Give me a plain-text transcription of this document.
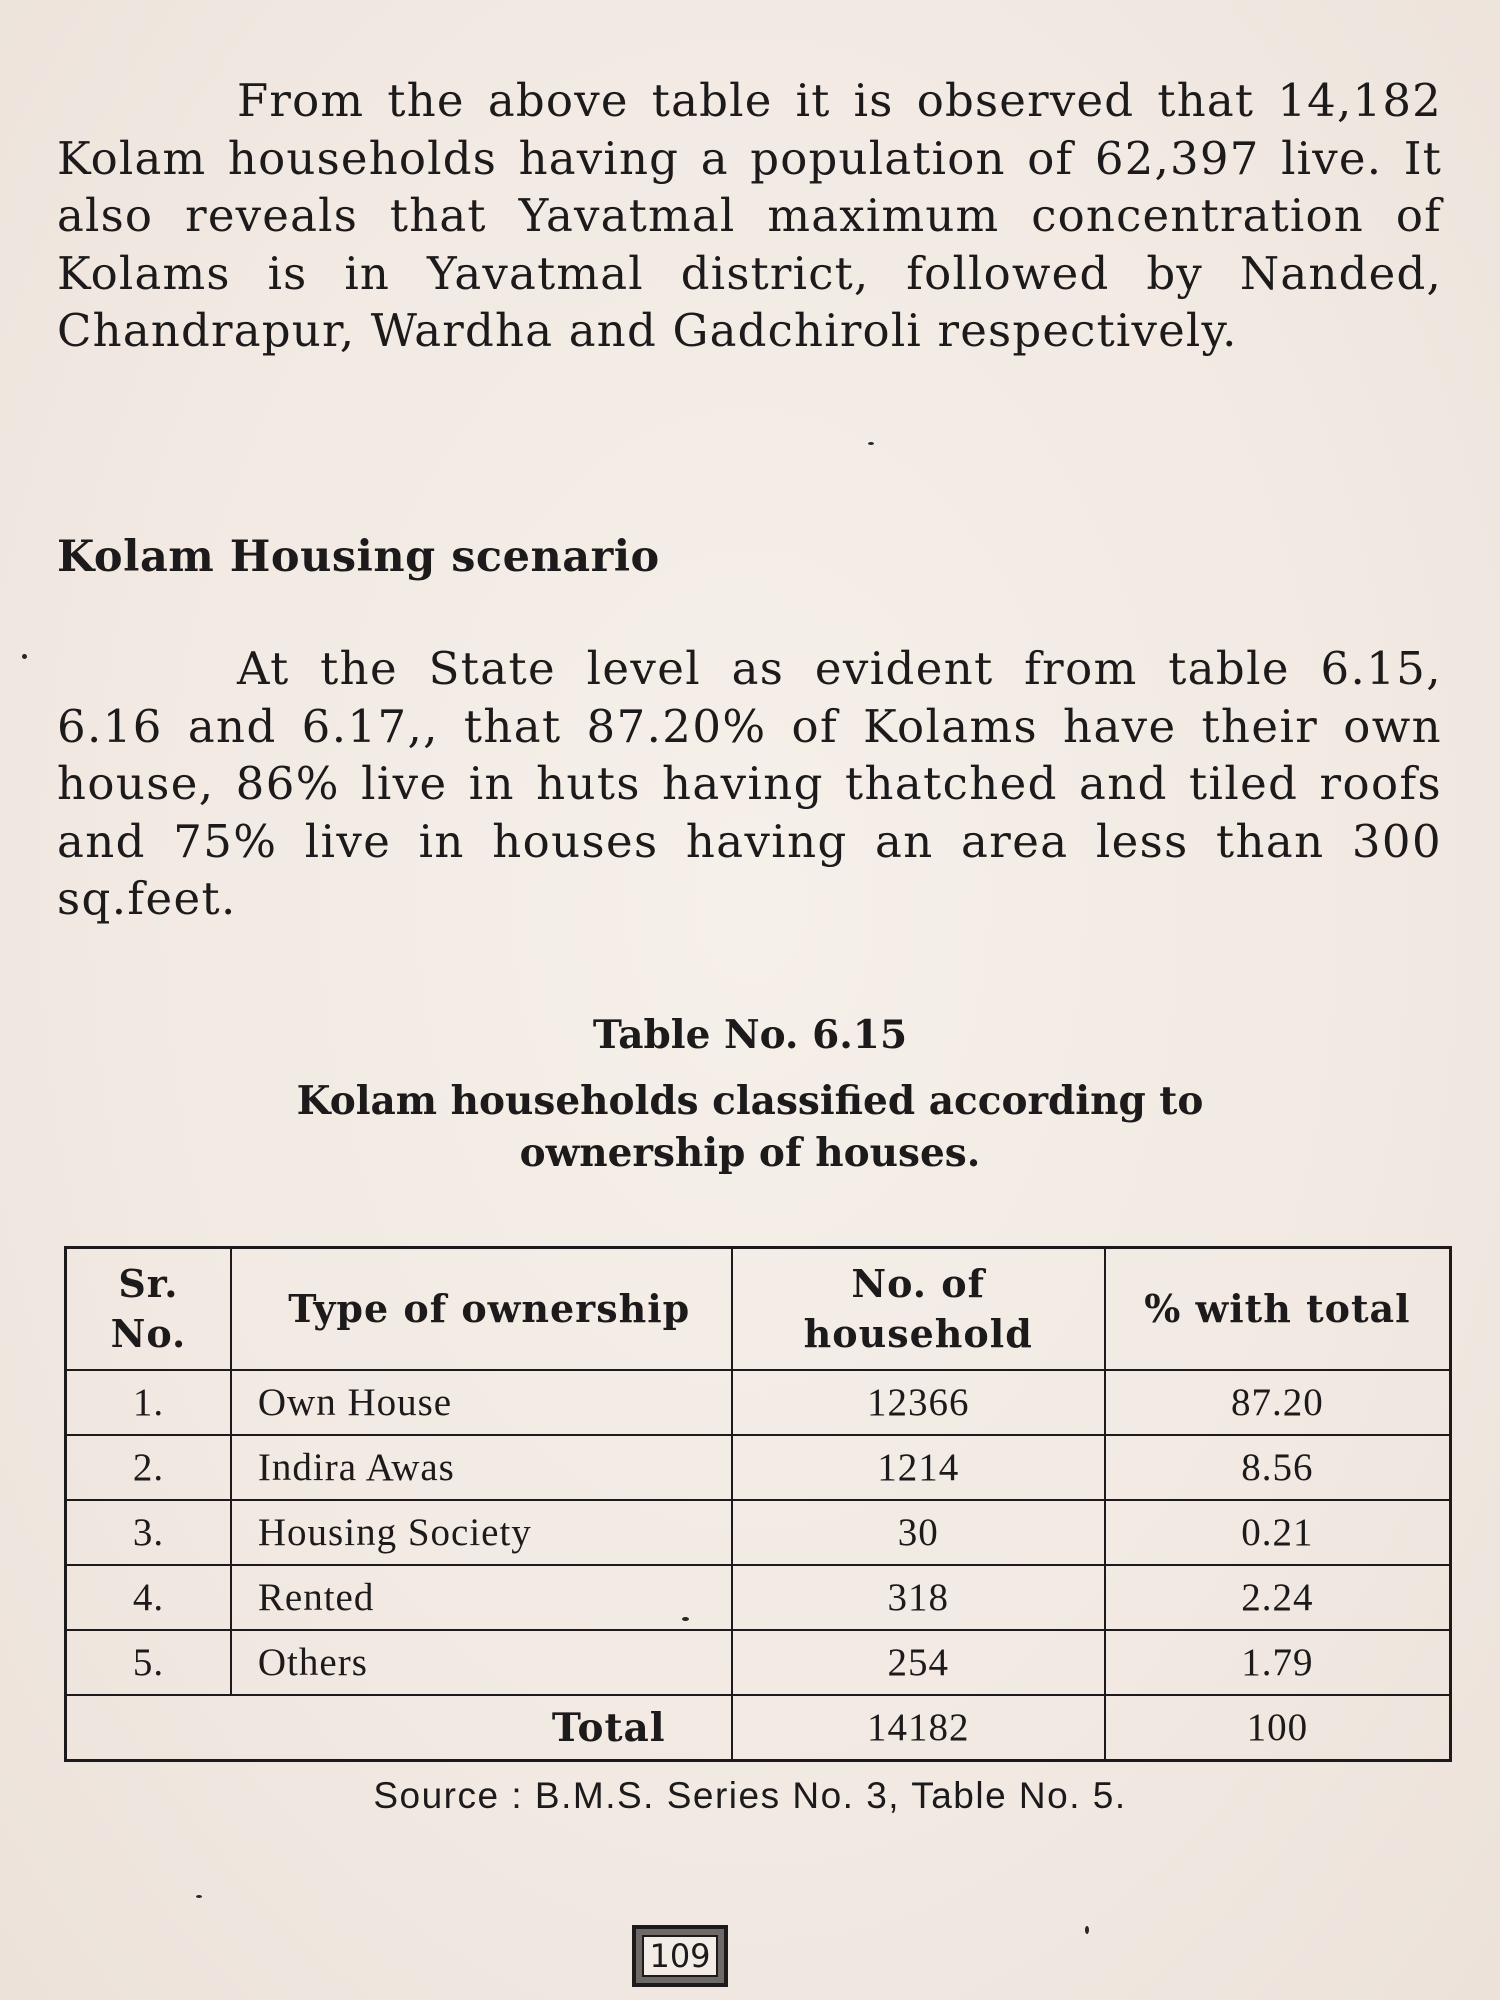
From the above table it is observed that 14,182 Kolam households having a population of 62,397 live. It also reveals that Yavatmal maximum concentration of Kolams is in Yavatmal district, followed by Nanded, Chandrapur, Wardha and Gadchiroli respectively.

Kolam Housing scenario

At the State level as evident from table 6.15, 6.16 and 6.17,, that 87.20% of Kolams have their own house, 86% live in huts having thatched and tiled roofs and 75% live in houses having an area less than 300 sq.feet.

Table No. 6.15

Kolam households classified according to ownership of houses.

Sr. No.	Type of ownership	No. of household	% with total
1.	Own House	12366	87.20
2.	Indira Awas	1214	8.56
3.	Housing Society	30	0.21
4.	Rented	318	2.24
5.	Others	254	1.79
Total		14182	100

Source : B.M.S. Series No. 3, Table No. 5.

109
